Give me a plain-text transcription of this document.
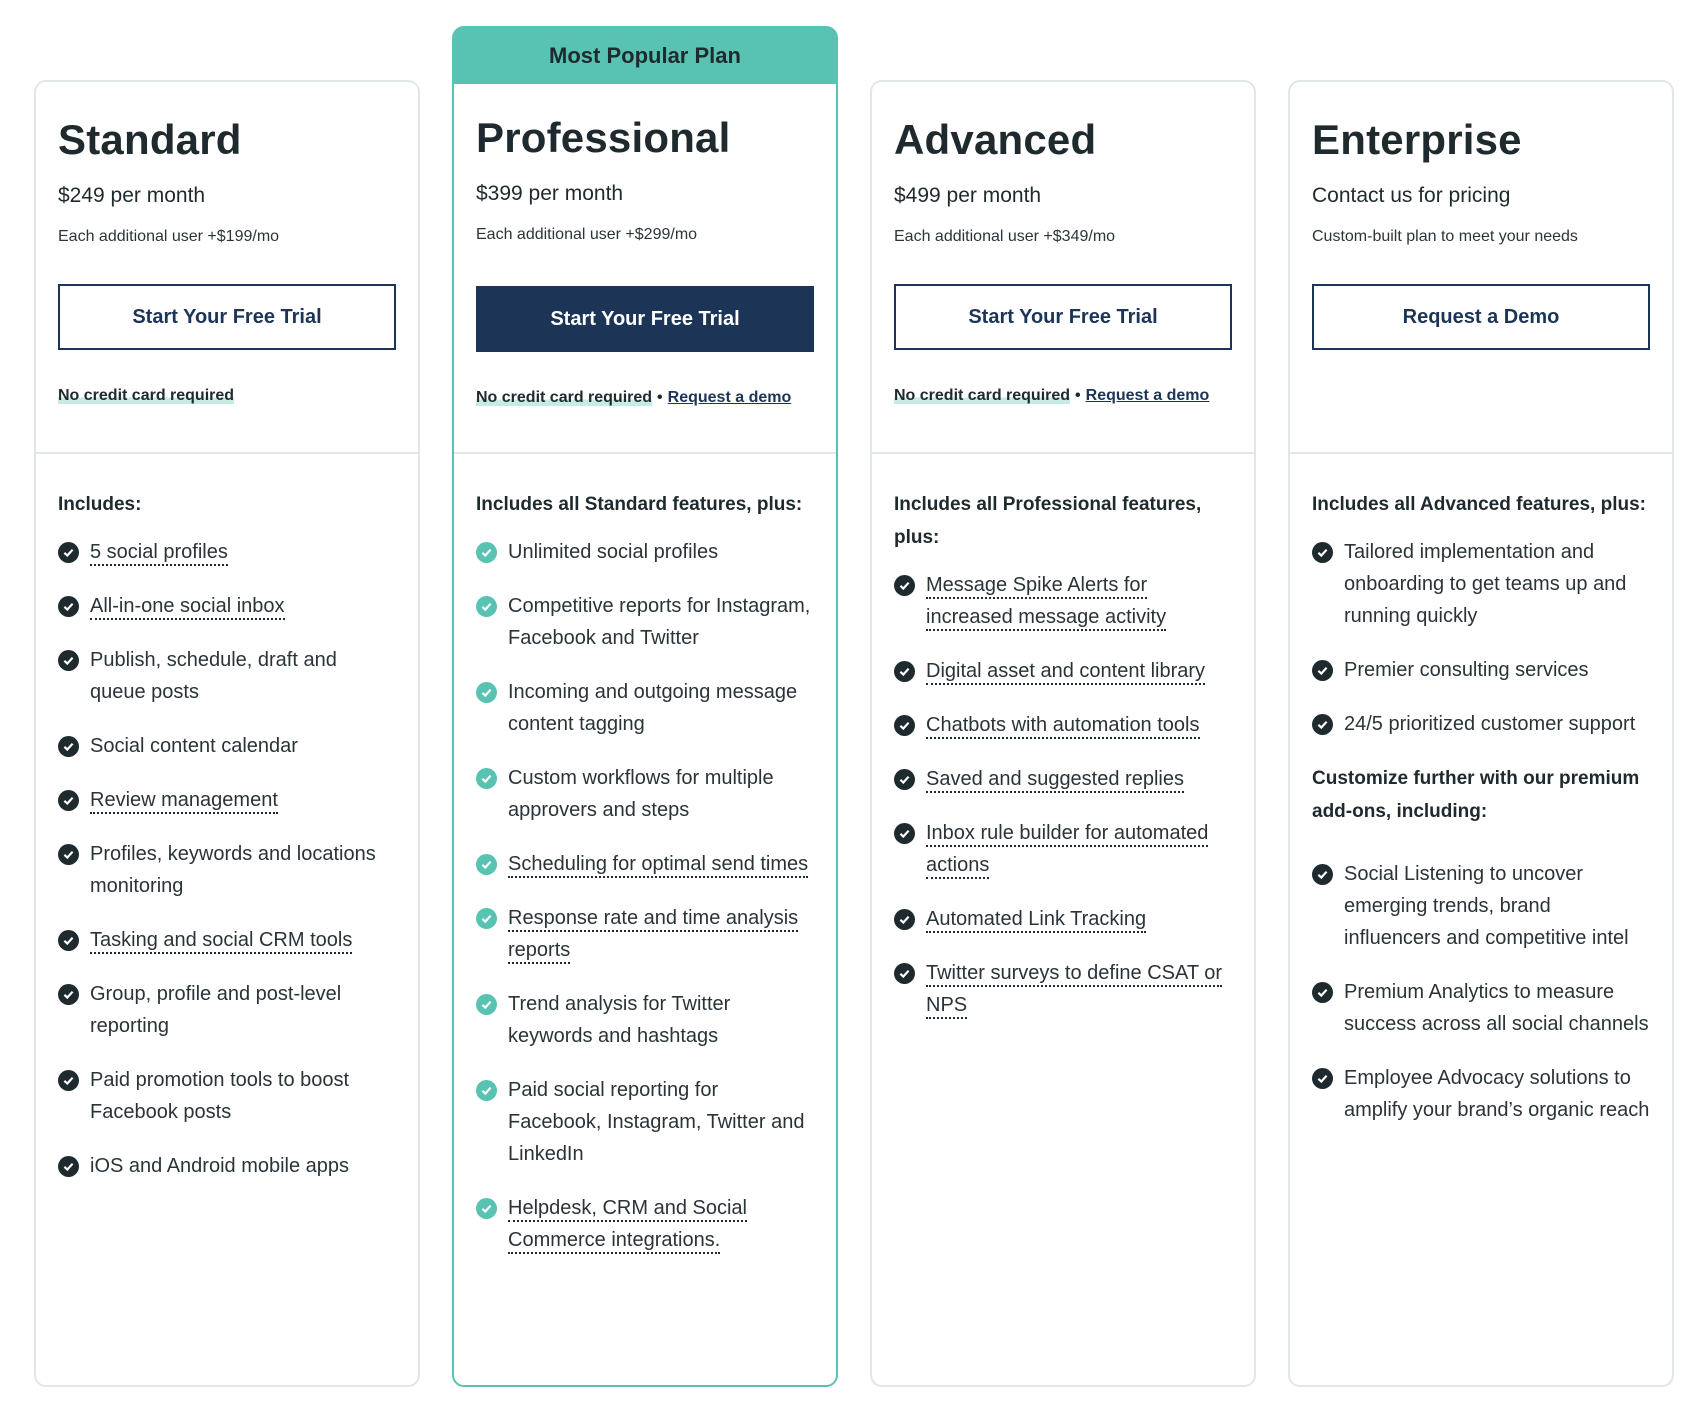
Standard
$249 per month
Each additional user +$199/mo
Start Your Free Trial
No credit card required
Includes:
5 social profiles
All-in-one social inbox
Publish, schedule, draft and queue posts
Social content calendar
Review management
Profiles, keywords and locations monitoring
Tasking and social CRM tools
Group, profile and post-level reporting
Paid promotion tools to boost Facebook posts
iOS and Android mobile apps
Most Popular Plan
Professional
$399 per month
Each additional user +$299/mo
Start Your Free Trial
No credit card required • Request a demo
Includes all Standard features, plus:
Unlimited social profiles
Competitive reports for Instagram, Facebook and Twitter
Incoming and outgoing message content tagging
Custom workflows for multiple approvers and steps
Scheduling for optimal send times
Response rate and time analysis reports
Trend analysis for Twitter keywords and hashtags
Paid social reporting for Facebook, Instagram, Twitter and LinkedIn
Helpdesk, CRM and Social Commerce integrations.
Advanced
$499 per month
Each additional user +$349/mo
Start Your Free Trial
No credit card required • Request a demo
Includes all Professional features, plus:
Message Spike Alerts for increased message activity
Digital asset and content library
Chatbots with automation tools
Saved and suggested replies
Inbox rule builder for automated actions
Automated Link Tracking
Twitter surveys to define CSAT or NPS
Enterprise
Contact us for pricing
Custom-built plan to meet your needs
Request a Demo
Includes all Advanced features, plus:
Tailored implementation and onboarding to get teams up and running quickly
Premier consulting services
24/5 prioritized customer support
Customize further with our premium add-ons, including:
Social Listening to uncover emerging trends, brand influencers and competitive intel
Premium Analytics to measure success across all social channels
Employee Advocacy solutions to amplify your brand’s organic reach
